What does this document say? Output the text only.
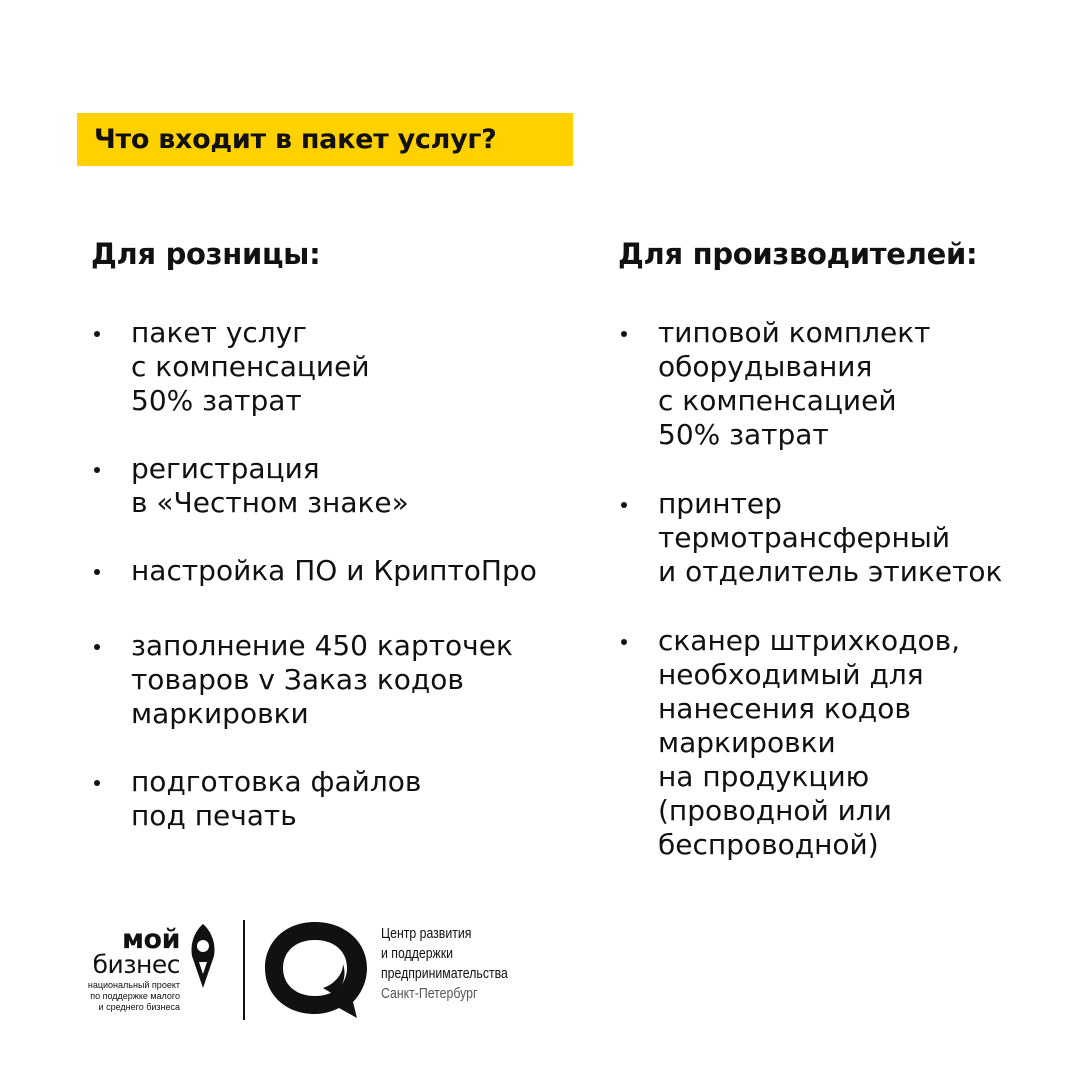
Что входит в пакет услуг?
Для розницы:
пакет услуг
с компенсацией
50% затрат
регистрация
в «Честном знаке»
настройка ПО и КриптоПро
заполнение 450 карточек
товаров v Заказ кодов
маркировки
подготовка файлов
под печать
Для производителей:
типовой комплект
оборудывания
с компенсацией
50% затрат
принтер
термотрансферный
и отделитель этикеток
сканер штрихкодов,
необходимый для
нанесения кодов
маркировки
на продукцию
(проводной или
беспроводной)
мой
бизнес
национальный проект
по поддержке малого
и среднего бизнеса
Центр развития
и поддержки
предпринимательства
Санкт-Петербург
